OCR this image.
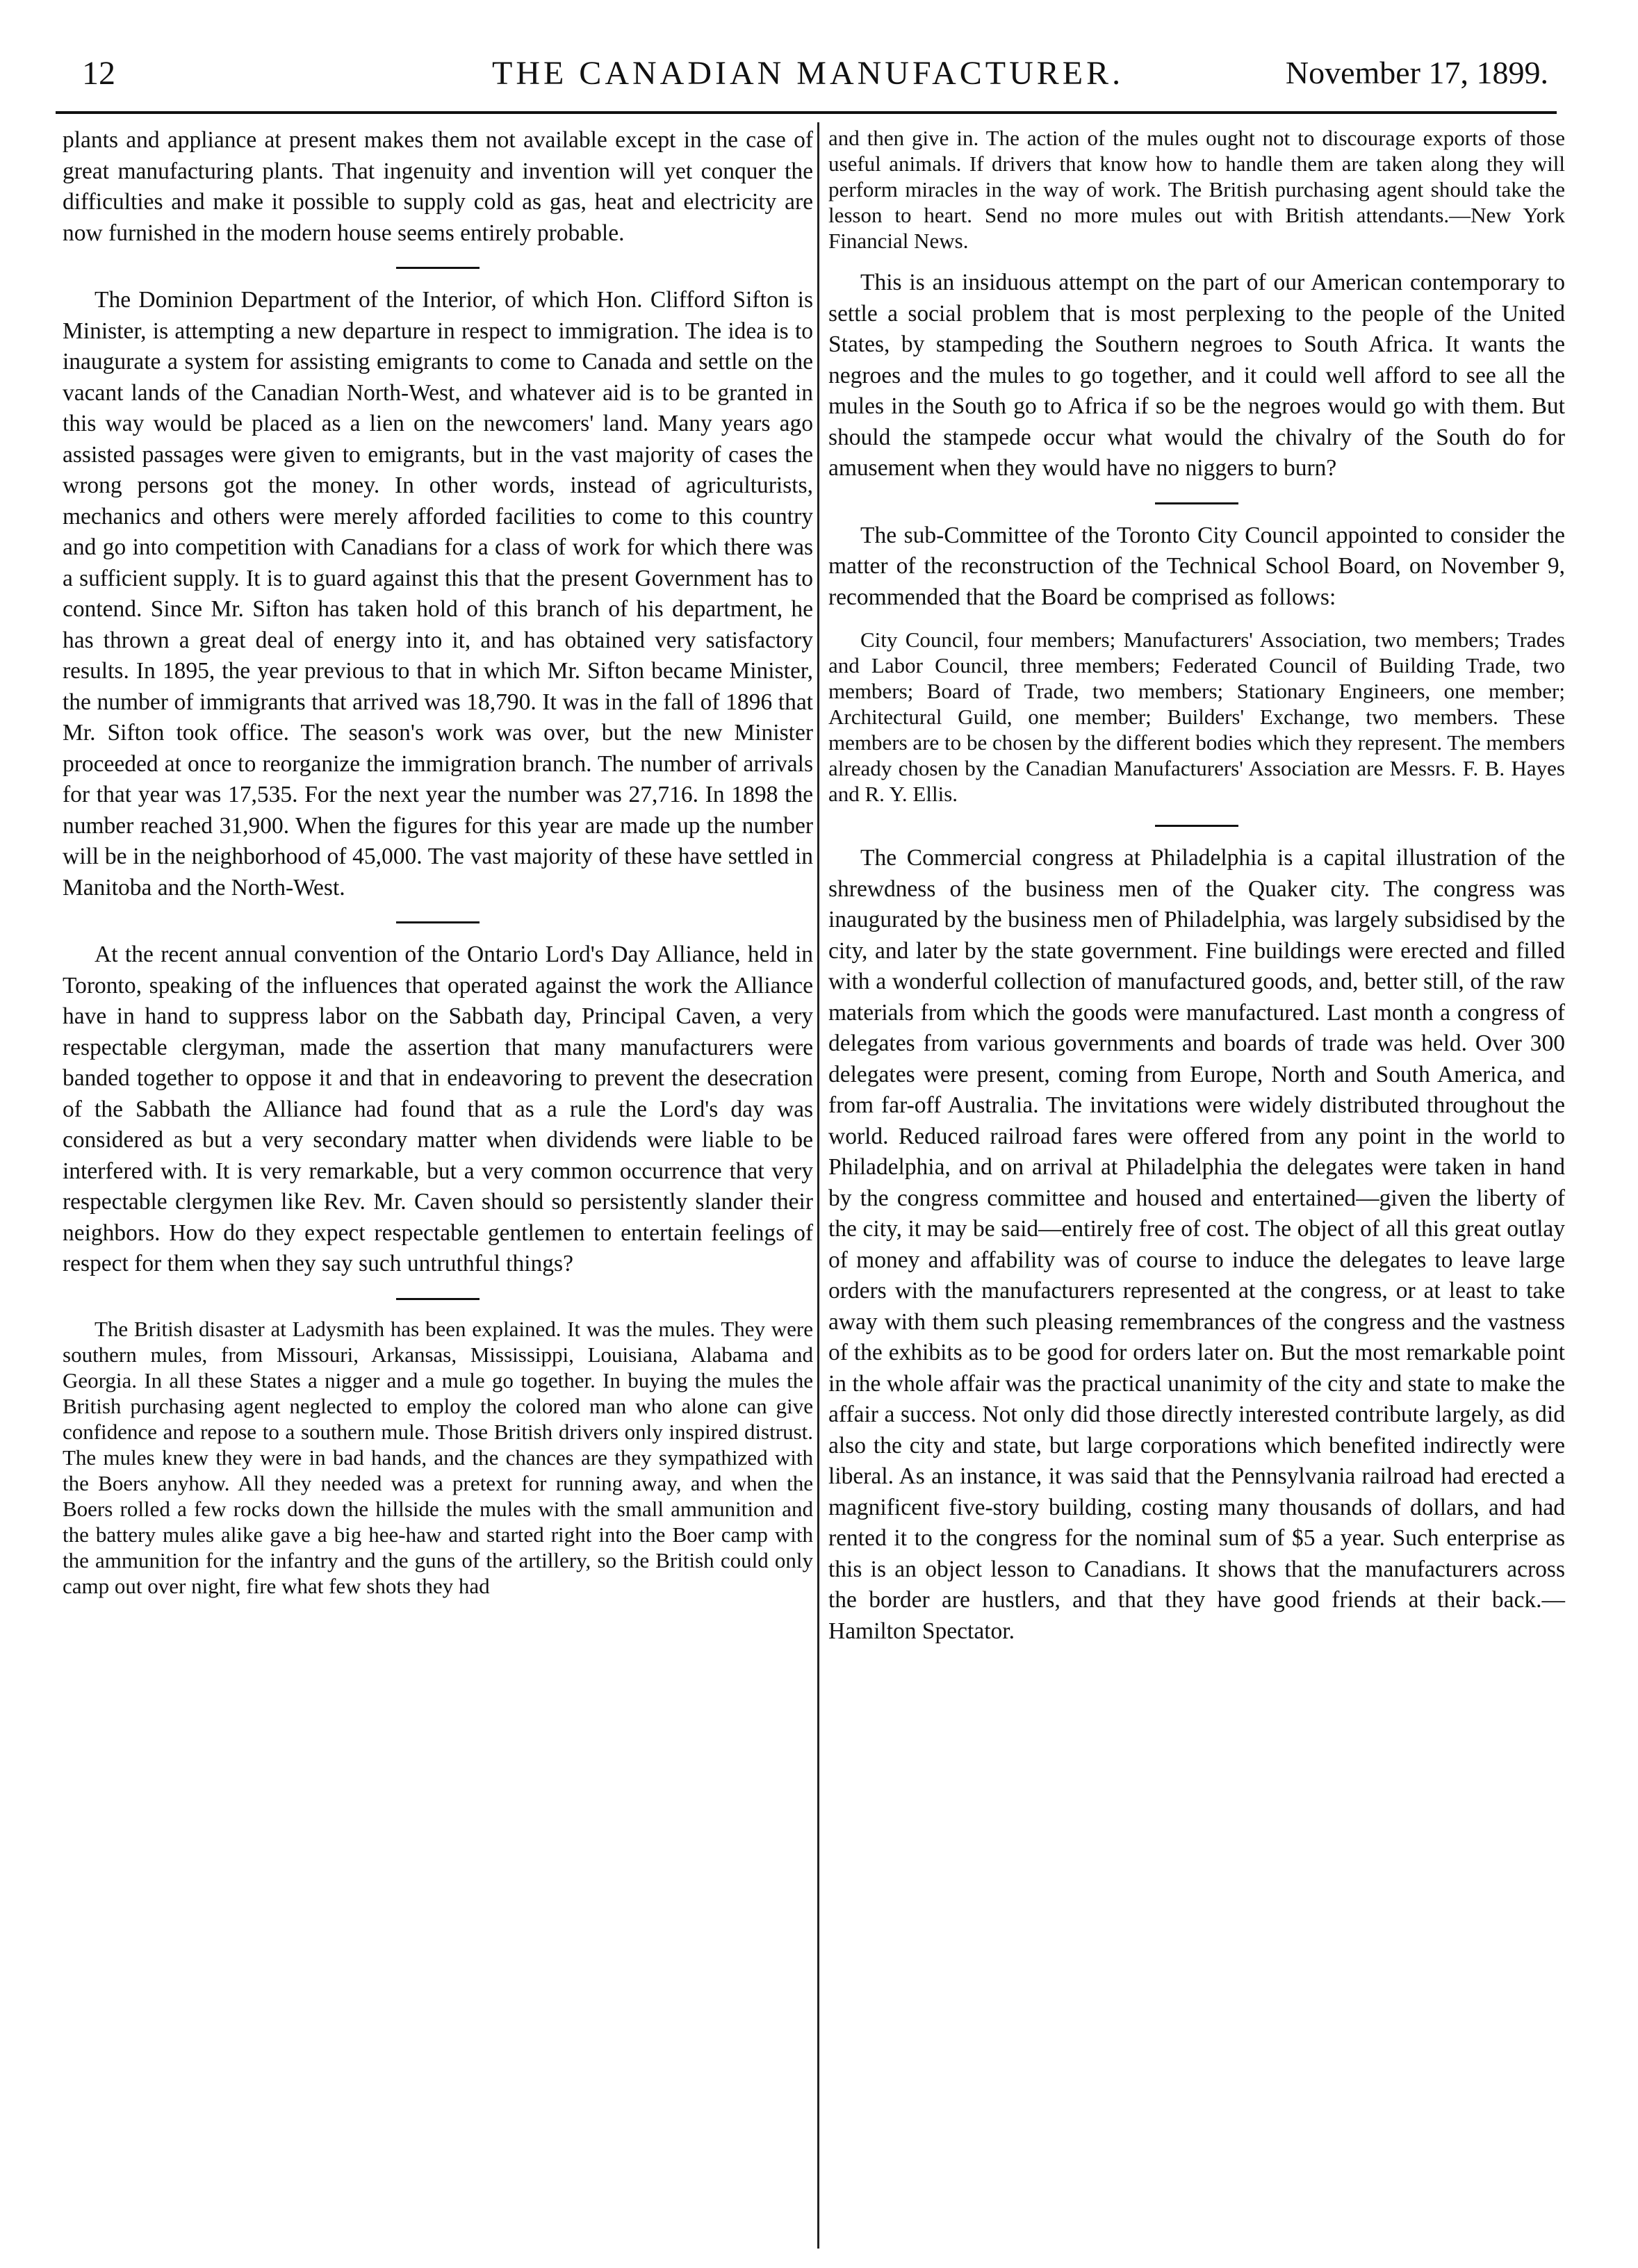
12	THE CANADIAN MANUFACTURER.	November 17, 1899.

plants and appliance at present makes them not available except in the case of great manufacturing plants. That ingenuity and invention will yet conquer the difficulties and make it possible to supply cold as gas, heat and electricity are now furnished in the modern house seems entirely probable.

The Dominion Department of the Interior, of which Hon. Clifford Sifton is Minister, is attempting a new departure in respect to immigration. The idea is to inaugurate a system for assisting emigrants to come to Canada and settle on the vacant lands of the Canadian North-West, and whatever aid is to be granted in this way would be placed as a lien on the newcomers' land. Many years ago assisted passages were given to emigrants, but in the vast majority of cases the wrong persons got the money. In other words, instead of agriculturists, mechanics and others were merely afforded facilities to come to this country and go into competition with Canadians for a class of work for which there was a sufficient supply. It is to guard against this that the present Government has to contend. Since Mr. Sifton has taken hold of this branch of his department, he has thrown a great deal of energy into it, and has obtained very satisfactory results. In 1895, the year previous to that in which Mr. Sifton became Minister, the number of immigrants that arrived was 18,790. It was in the fall of 1896 that Mr. Sifton took office. The season's work was over, but the new Minister proceeded at once to reorganize the immigration branch. The number of arrivals for that year was 17,535. For the next year the number was 27,716. In 1898 the number reached 31,900. When the figures for this year are made up the number will be in the neighborhood of 45,000. The vast majority of these have settled in Manitoba and the North-West.

At the recent annual convention of the Ontario Lord's Day Alliance, held in Toronto, speaking of the influences that operated against the work the Alliance have in hand to suppress labor on the Sabbath day, Principal Caven, a very respectable clergyman, made the assertion that many manufacturers were banded together to oppose it and that in endeavoring to prevent the desecration of the Sabbath the Alliance had found that as a rule the Lord's day was considered as but a very secondary matter when dividends were liable to be interfered with. It is very remarkable, but a very common occurrence that very respectable clergymen like Rev. Mr. Caven should so persistently slander their neighbors. How do they expect respectable gentlemen to entertain feelings of respect for them when they say such untruthful things?

The British disaster at Ladysmith has been explained. It was the mules. They were southern mules, from Missouri, Arkansas, Mississippi, Louisiana, Alabama and Georgia. In all these States a nigger and a mule go together. In buying the mules the British purchasing agent neglected to employ the colored man who alone can give confidence and repose to a southern mule. Those British drivers only inspired distrust. The mules knew they were in bad hands, and the chances are they sympathized with the Boers anyhow. All they needed was a pretext for running away, and when the Boers rolled a few rocks down the hillside the mules with the small ammunition and the battery mules alike gave a big hee-haw and started right into the Boer camp with the ammunition for the infantry and the guns of the artillery, so the British could only camp out over night, fire what few shots they had

and then give in. The action of the mules ought not to discourage exports of those useful animals. If drivers that know how to handle them are taken along they will perform miracles in the way of work. The British purchasing agent should take the lesson to heart. Send no more mules out with British attendants.—New York Financial News.

This is an insiduous attempt on the part of our American contemporary to settle a social problem that is most perplexing to the people of the United States, by stampeding the Southern negroes to South Africa. It wants the negroes and the mules to go together, and it could well afford to see all the mules in the South go to Africa if so be the negroes would go with them. But should the stampede occur what would the chivalry of the South do for amusement when they would have no niggers to burn?

The sub-Committee of the Toronto City Council appointed to consider the matter of the reconstruction of the Technical School Board, on November 9, recommended that the Board be comprised as follows:

City Council, four members; Manufacturers' Association, two members; Trades and Labor Council, three members; Federated Council of Building Trade, two members; Board of Trade, two members; Stationary Engineers, one member; Architectural Guild, one member; Builders' Exchange, two members. These members are to be chosen by the different bodies which they represent. The members already chosen by the Canadian Manufacturers' Association are Messrs. F. B. Hayes and R. Y. Ellis.

The Commercial congress at Philadelphia is a capital illustration of the shrewdness of the business men of the Quaker city. The congress was inaugurated by the business men of Philadelphia, was largely subsidised by the city, and later by the state government. Fine buildings were erected and filled with a wonderful collection of manufactured goods, and, better still, of the raw materials from which the goods were manufactured. Last month a congress of delegates from various governments and boards of trade was held. Over 300 delegates were present, coming from Europe, North and South America, and from far-off Australia. The invitations were widely distributed throughout the world. Reduced railroad fares were offered from any point in the world to Philadelphia, and on arrival at Philadelphia the delegates were taken in hand by the congress committee and housed and entertained—given the liberty of the city, it may be said—entirely free of cost. The object of all this great outlay of money and affability was of course to induce the delegates to leave large orders with the manufacturers represented at the congress, or at least to take away with them such pleasing remembrances of the congress and the vastness of the exhibits as to be good for orders later on. But the most remarkable point in the whole affair was the practical unanimity of the city and state to make the affair a success. Not only did those directly interested contribute largely, as did also the city and state, but large corporations which benefited indirectly were liberal. As an instance, it was said that the Pennsylvania railroad had erected a magnificent five-story building, costing many thousands of dollars, and had rented it to the congress for the nominal sum of $5 a year. Such enterprise as this is an object lesson to Canadians. It shows that the manufacturers across the border are hustlers, and that they have good friends at their back.—Hamilton Spectator.
